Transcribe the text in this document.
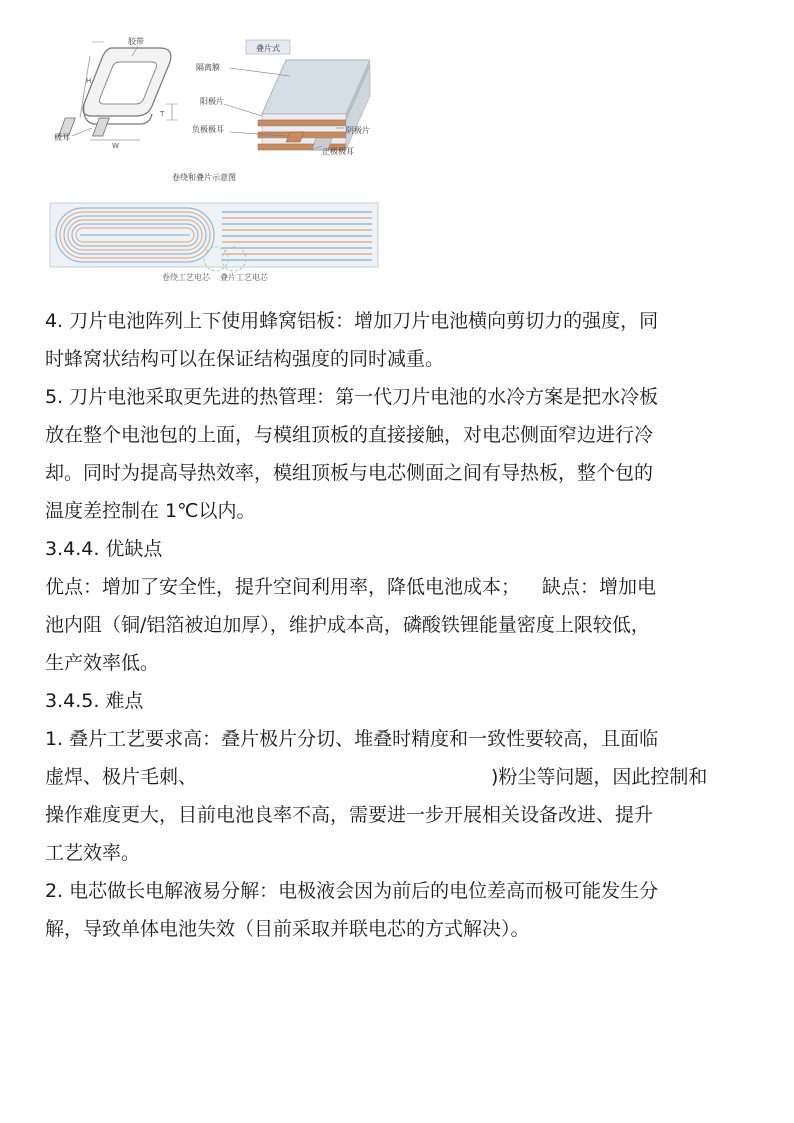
H
T
W
胶带
极耳
叠片式
隔离膜
阳极片
负极极耳	阴极片
正极极耳
卷绕和叠片示意图
卷绕工艺电芯 叠片工艺电芯

4. 刀片电池阵列上下使用蜂窝铝板：增加刀片电池横向剪切力的强度，同

时蜂窝状结构可以在保证结构强度的同时减重。

5. 刀片电池采取更先进的热管理：第一代刀片电池的水冷方案是把水冷板

放在整个电池包的上面，与模组顶板的直接接触，对电芯侧面窄边进行冷

却。同时为提高导热效率，模组顶板与电芯侧面之间有导热板，整个包的

温度差控制在 1℃以内。

3.4.4. 优缺点

优点：增加了安全性，提升空间利用率，降低电池成本； 缺点：增加电

池内阻（铜/铝箔被迫加厚），维护成本高，磷酸铁锂能量密度上限较低，

生产效率低。

3.4.5. 难点

1. 叠片工艺要求高：叠片极片分切、堆叠时精度和一致性要较高，且面临

虚焊、极片毛刺、	)粉尘等问题，因此控制和

操作难度更大，目前电池良率不高，需要进一步开展相关设备改进、提升

工艺效率。

2. 电芯做长电解液易分解：电极液会因为前后的电位差高而极可能发生分

解，导致单体电池失效（目前采取并联电芯的方式解决）。
